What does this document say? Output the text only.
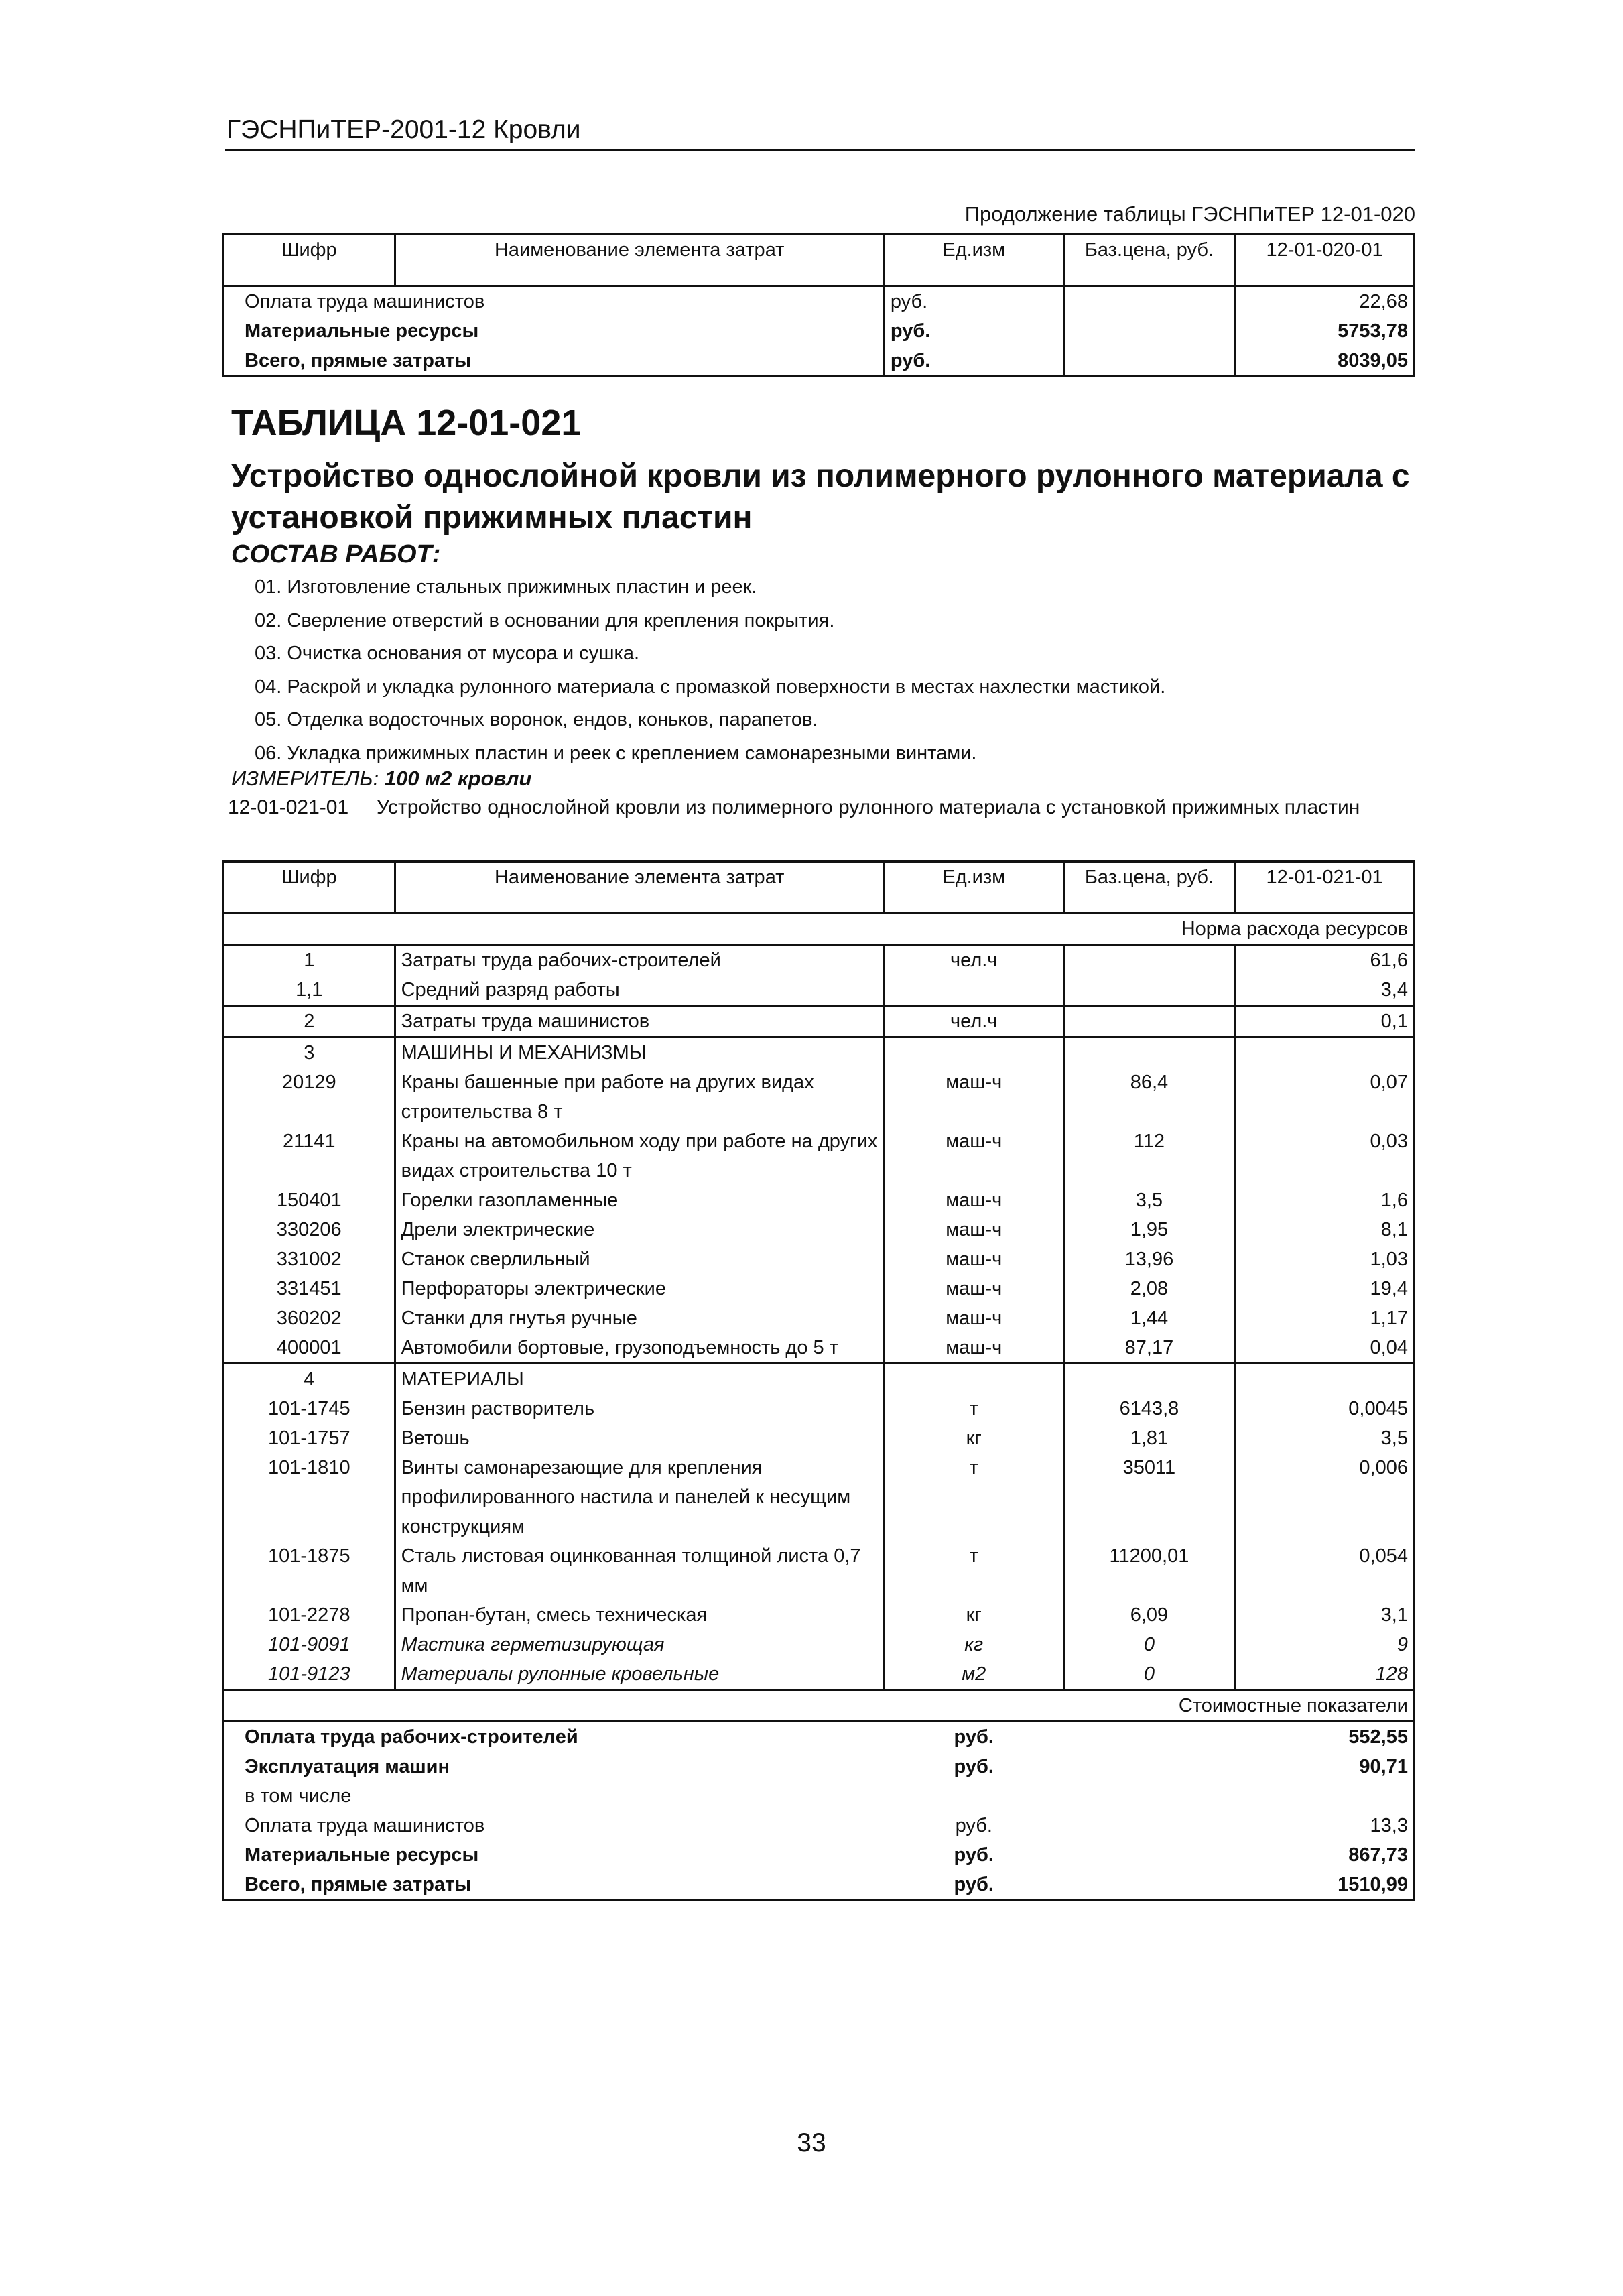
ГЭСНПиТЕР-2001-12 Кровли
Продолжение таблицы ГЭСНПиТЕР 12-01-020
Шифр	Наименование элемента затрат	Ед.изм	Баз.цена, руб.	12-01-020-01
Оплата труда машинистов		руб.		22,68
Материальные ресурсы		руб.		5753,78
Всего, прямые затраты		руб.		8039,05
ТАБЛИЦА 12-01-021
Устройство однослойной кровли из полимерного рулонного материала с установкой прижимных пластин
СОСТАВ РАБОТ:
01. Изготовление стальных прижимных пластин и реек.
02. Сверление отверстий в основании для крепления покрытия.
03. Очистка основания от мусора и сушка.
04. Раскрой и укладка рулонного материала с промазкой поверхности в местах нахлестки мастикой.
05. Отделка водосточных воронок, ендов, коньков, парапетов.
06. Укладка прижимных пластин и реек с креплением самонарезными винтами.
ИЗМЕРИТЕЛЬ: 100 м2 кровли
12-01-021-01 Устройство однослойной кровли из полимерного рулонного материала с установкой прижимных пластин
Шифр	Наименование элемента затрат	Ед.изм	Баз.цена, руб.	12-01-021-01
Норма расхода ресурсов				
1	Затраты труда рабочих-строителей	чел.ч		61,6
1,1	Средний разряд работы			3,4
2	Затраты труда машинистов	чел.ч		0,1
3	МАШИНЫ И МЕХАНИЗМЫ			
20129	Краны башенные при работе на других видах строительства 8 т	маш-ч	86,4	0,07
21141	Краны на автомобильном ходу при работе на других видах строительства 10 т	маш-ч	112	0,03
150401	Горелки газопламенные	маш-ч	3,5	1,6
330206	Дрели электрические	маш-ч	1,95	8,1
331002	Станок сверлильный	маш-ч	13,96	1,03
331451	Перфораторы электрические	маш-ч	2,08	19,4
360202	Станки для гнутья ручные	маш-ч	1,44	1,17
400001	Автомобили бортовые, грузоподъемность до 5 т	маш-ч	87,17	0,04
4	МАТЕРИАЛЫ			
101-1745	Бензин растворитель	т	6143,8	0,0045
101-1757	Ветошь	кг	1,81	3,5
101-1810	Винты самонарезающие для крепления профилированного настила и панелей к несущим конструкциям	т	35011	0,006
101-1875	Сталь листовая оцинкованная толщиной листа 0,7 мм	т	11200,01	0,054
101-2278	Пропан-бутан, смесь техническая	кг	6,09	3,1
101-9091	Мастика герметизирующая	кг	0	9
101-9123	Материалы рулонные кровельные	м2	0	128
Стоимостные показатели				
Оплата труда рабочих-строителей		руб.		552,55
Эксплуатация машин		руб.		90,71
в том числе				
Оплата труда машинистов		руб.		13,3
Материальные ресурсы		руб.		867,73
Всего, прямые затраты		руб.		1510,99
33
